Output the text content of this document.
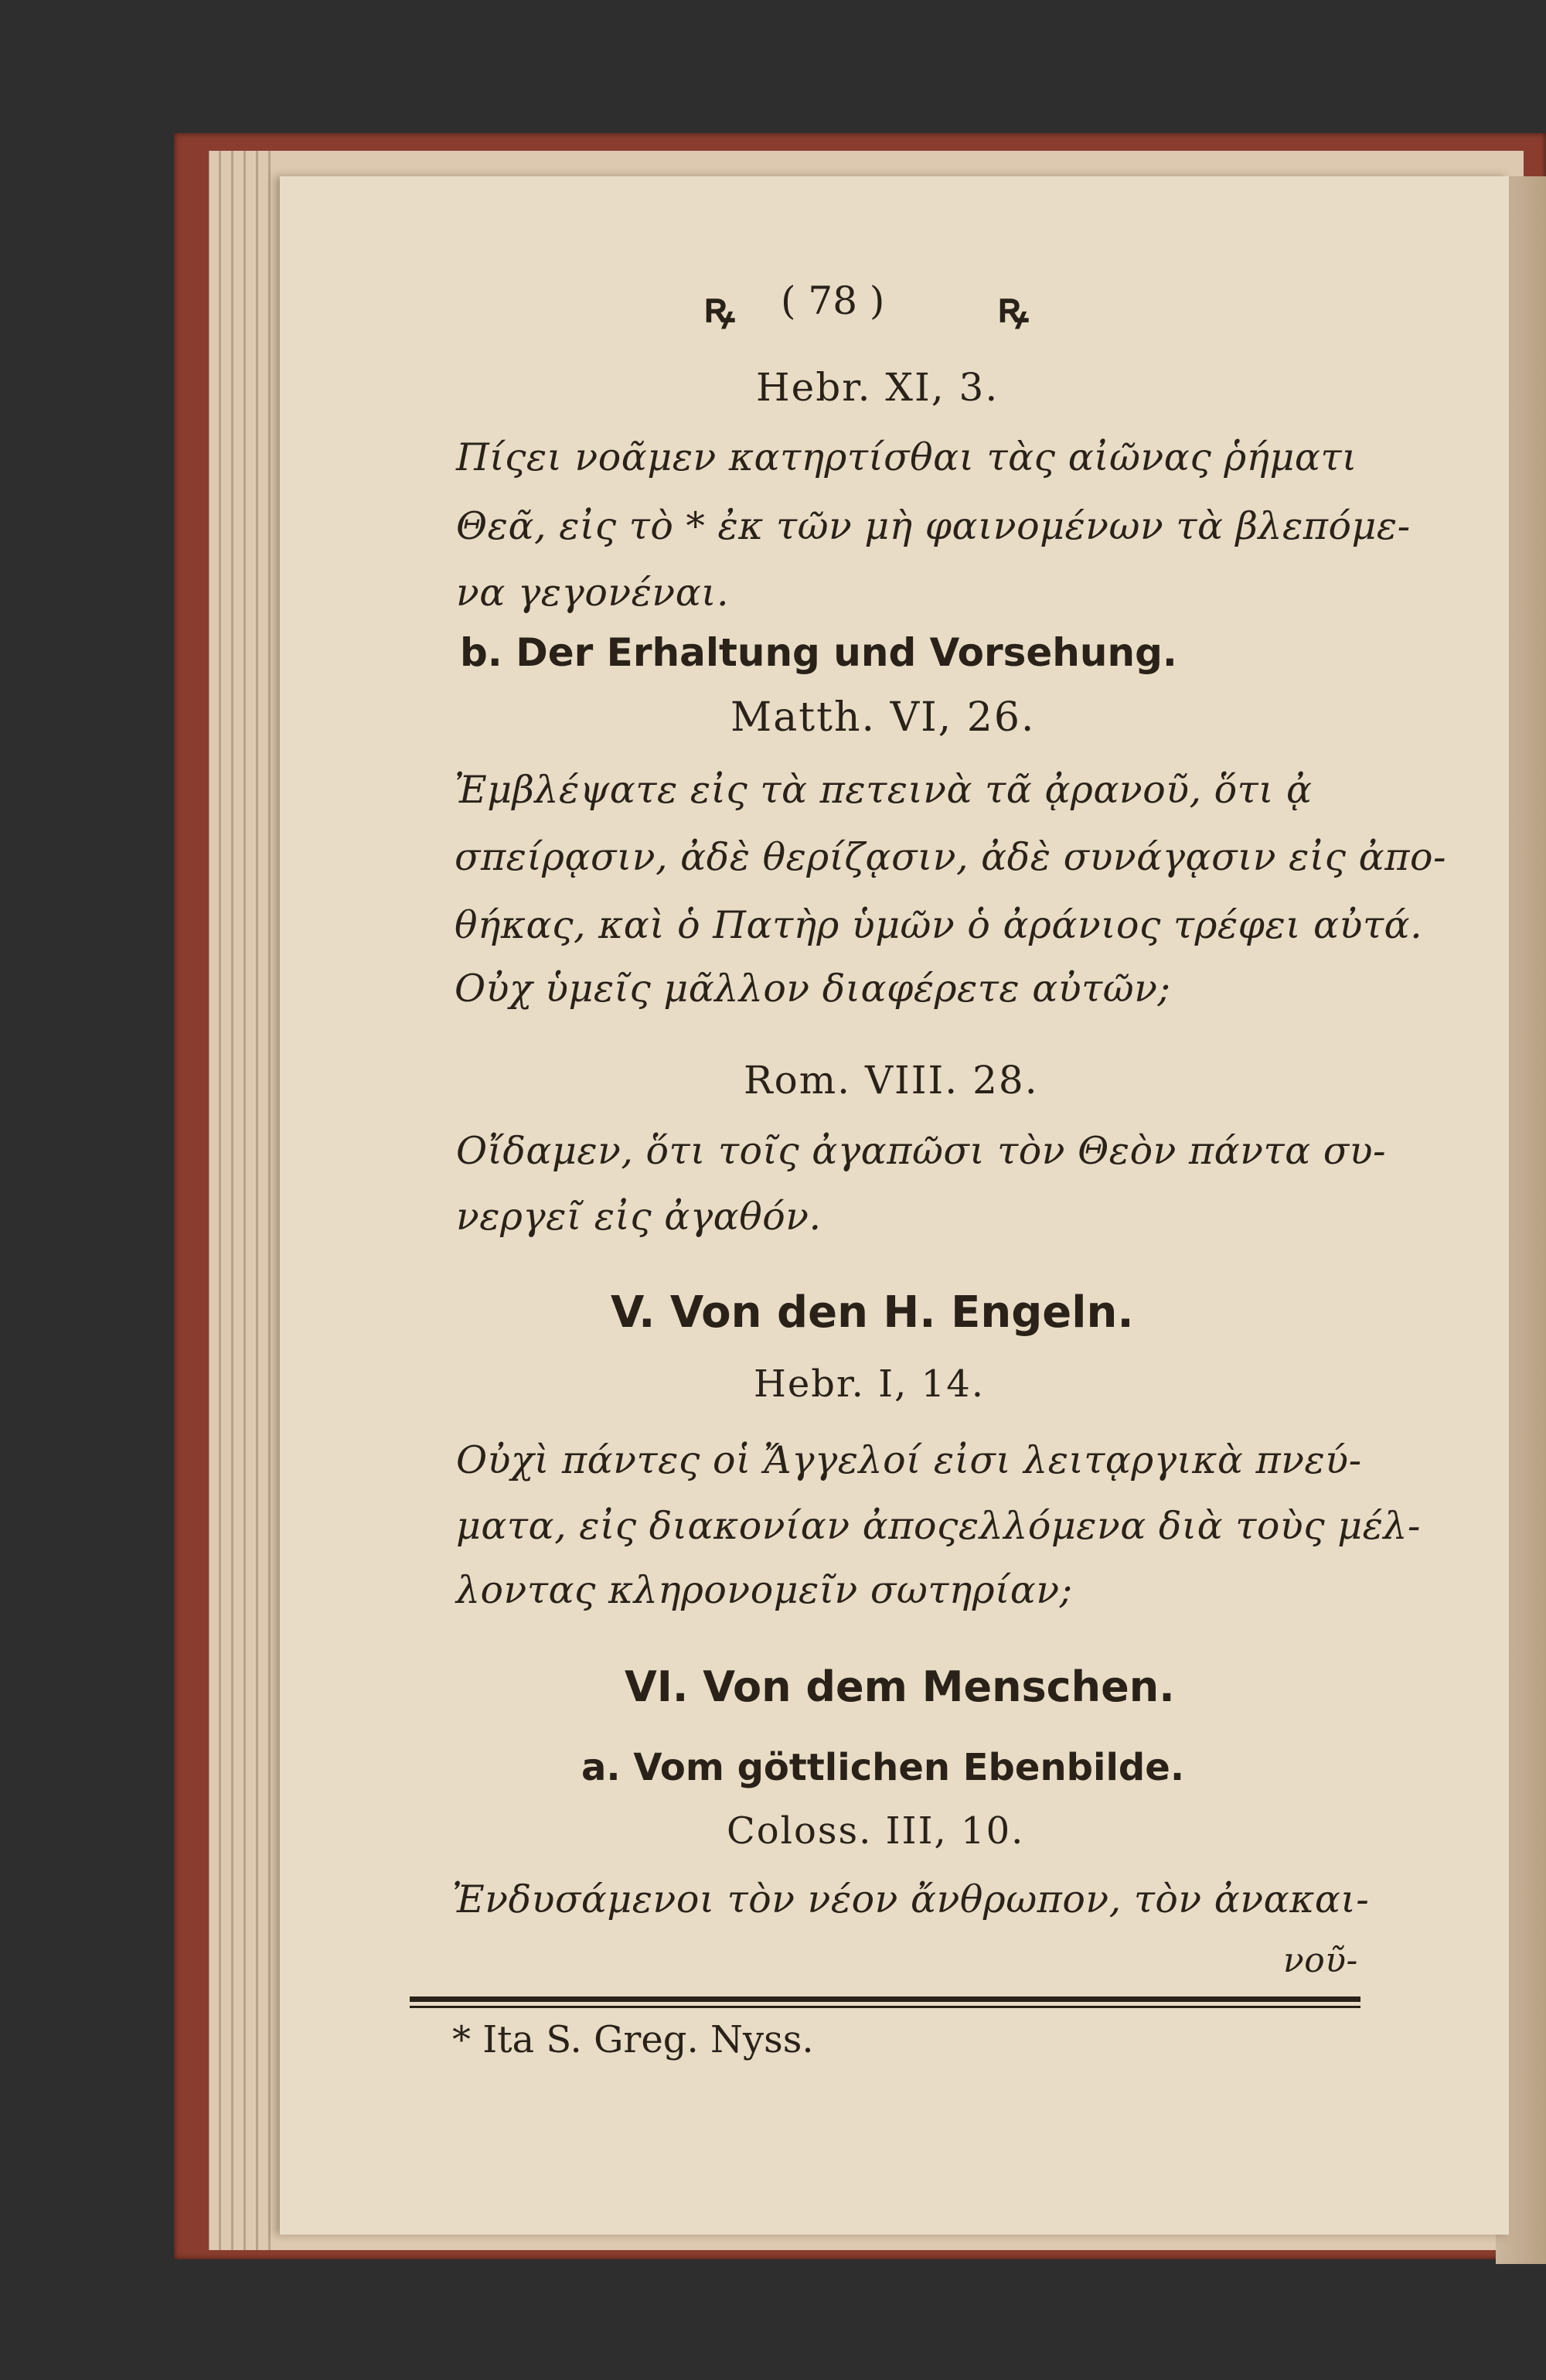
ꝶ ( 78 )	ꝶ
Hebr. XI, 3.
Πίςει νοᾶμεν κατηρτίσθαι τὰς αἰῶνας ῥήματι
Θεᾶ, εἰς τὸ * ἐκ τῶν μὴ φαινομένων τὰ βλεπόμε-
να γεγονέναι.
b. Der Erhaltung und Vorsehung.
Matth. VI, 26.
Ἐμβλέψατε εἰς τὰ πετεινὰ τᾶ ᾀρανοῦ, ὅτι ᾀ
σπείρᾳσιν, ἀδὲ θερίζᾳσιν, ἀδὲ συνάγᾳσιν εἰς ἀπο-
θήκας, καὶ ὁ Πατὴρ ὑμῶν ὁ ἀράνιος τρέφει αὐτά.
Οὐχ ὑμεῖς μᾶλλον διαφέρετε αὐτῶν;
Rom. VIII. 28.
Οἴδαμεν, ὅτι τοῖς ἀγαπῶσι τὸν Θεὸν πάντα συ-
νεργεῖ εἰς ἀγαθόν.
V. Von den H. Engeln.
Hebr. I, 14.
Οὐχὶ πάντες οἱ Ἄγγελοί εἰσι λειτᾳργικὰ πνεύ-
ματα, εἰς διακονίαν ἀποςελλόμενα διὰ τοὺς μέλ-
λοντας κληρονομεῖν σωτηρίαν;
VI. Von dem Menschen.
a. Vom göttlichen Ebenbilde.
Coloss. III, 10.
Ἐνδυσάμενοι τὸν νέον ἄνθρωπον, τὸν ἀνακαι-
νοῦ-
* Ita S. Greg. Nyss.
